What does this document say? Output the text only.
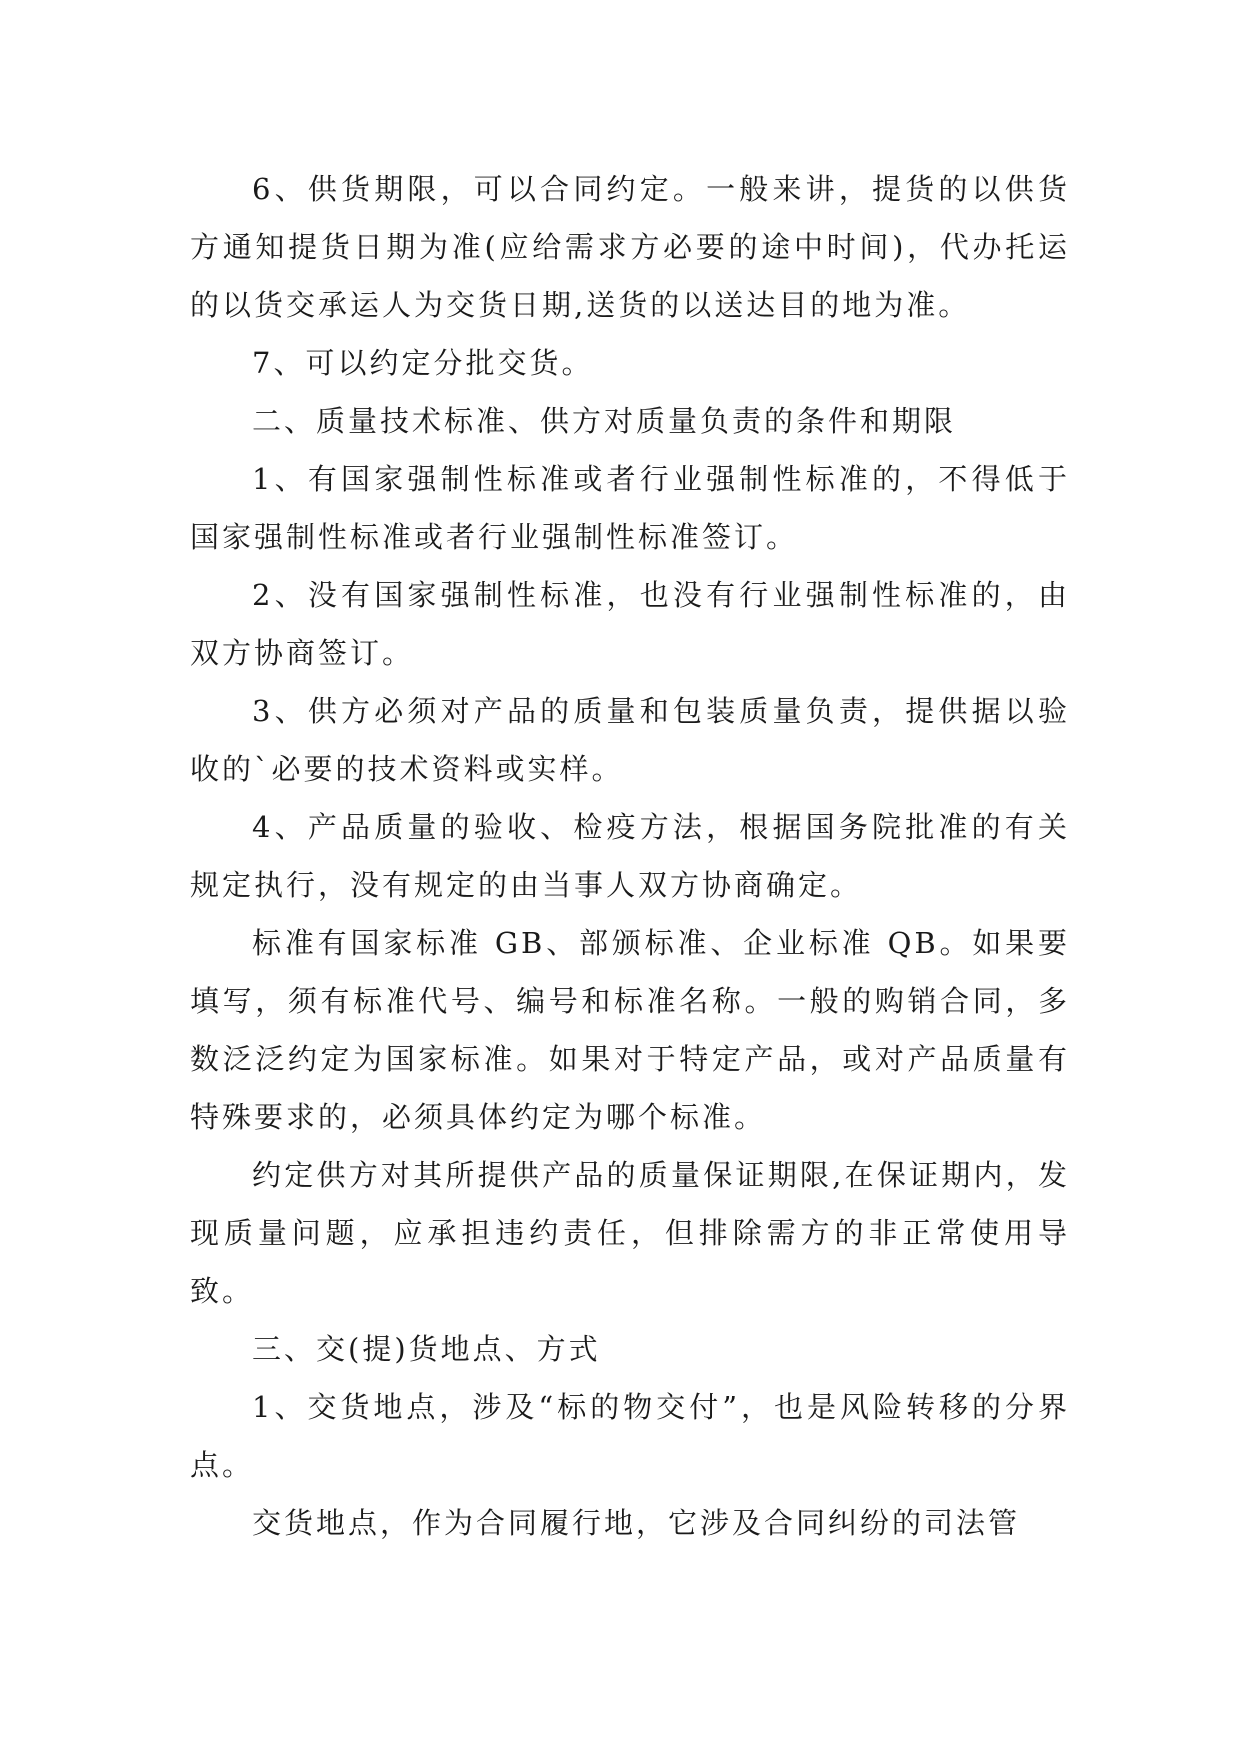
6、供货期限，可以合同约定。一般来讲，提货的以供货方通知提货日期为准(应给需求方必要的途中时间)，代办托运的以货交承运人为交货日期,送货的以送达目的地为准。

7、可以约定分批交货。

二、质量技术标准、供方对质量负责的条件和期限

1、有国家强制性标准或者行业强制性标准的，不得低于国家强制性标准或者行业强制性标准签订。

2、没有国家强制性标准，也没有行业强制性标准的，由双方协商签订。

3、供方必须对产品的质量和包装质量负责，提供据以验收的`必要的技术资料或实样。

4、产品质量的验收、检疫方法，根据国务院批准的有关规定执行，没有规定的由当事人双方协商确定。

标准有国家标准 GB、部颁标准、企业标准 QB。如果要填写，须有标准代号、编号和标准名称。一般的购销合同，多数泛泛约定为国家标准。如果对于特定产品，或对产品质量有特殊要求的，必须具体约定为哪个标准。

约定供方对其所提供产品的质量保证期限,在保证期内，发现质量问题，应承担违约责任，但排除需方的非正常使用导致。

三、交(提)货地点、方式

1、交货地点，涉及“标的物交付”，也是风险转移的分界点。

交货地点，作为合同履行地，它涉及合同纠纷的司法管
